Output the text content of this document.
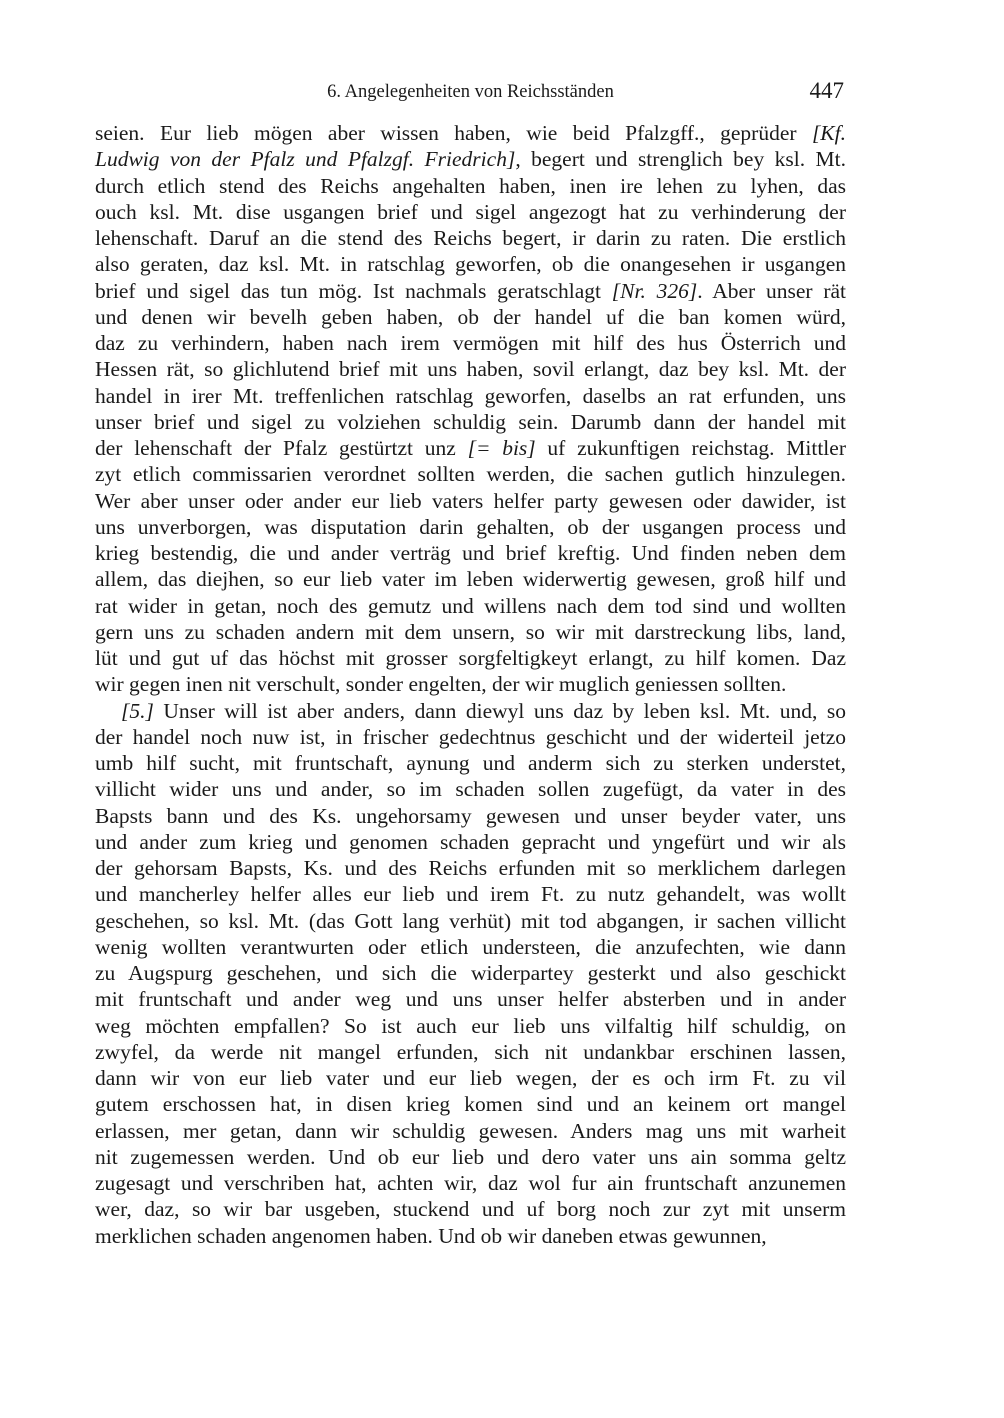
6. Angelegenheiten von Reichsständen	447
seien. Eur lieb mögen aber wissen haben, wie beid Pfalzgff., geprüder [Kf.
Ludwig von der Pfalz und Pfalzgf. Friedrich], begert und strenglich bey ksl. Mt.
durch etlich stend des Reichs angehalten haben, inen ire lehen zu lyhen, das
ouch ksl. Mt. dise usgangen brief und sigel angezogt hat zu verhinderung der
lehenschaft. Daruf an die stend des Reichs begert, ir darin zu raten. Die erstlich
also geraten, daz ksl. Mt. in ratschlag geworfen, ob die onangesehen ir usgangen
brief und sigel das tun mög. Ist nachmals geratschlagt [Nr. 326]. Aber unser rät
und denen wir bevelh geben haben, ob der handel uf die ban komen würd,
daz zu verhindern, haben nach irem vermögen mit hilf des hus Österrich und
Hessen rät, so glichlutend brief mit uns haben, sovil erlangt, daz bey ksl. Mt. der
handel in irer Mt. treffenlichen ratschlag geworfen, daselbs an rat erfunden, uns
unser brief und sigel zu volziehen schuldig sein. Darumb dann der handel mit
der lehenschaft der Pfalz gestürtzt unz [= bis] uf zukunftigen reichstag. Mittler
zyt etlich commissarien verordnet sollten werden, die sachen gutlich hinzulegen.
Wer aber unser oder ander eur lieb vaters helfer party gewesen oder dawider, ist
uns unverborgen, was disputation darin gehalten, ob der usgangen process und
krieg bestendig, die und ander verträg und brief kreftig. Und finden neben dem
allem, das diejhen, so eur lieb vater im leben widerwertig gewesen, groß hilf und
rat wider in getan, noch des gemutz und willens nach dem tod sind und wollten
gern uns zu schaden andern mit dem unsern, so wir mit darstreckung libs, land,
lüt und gut uf das höchst mit grosser sorgfeltigkeyt erlangt, zu hilf komen. Daz
wir gegen inen nit verschult, sonder engelten, der wir muglich geniessen sollten.
[5.] Unser will ist aber anders, dann diewyl uns daz by leben ksl. Mt. und, so
der handel noch nuw ist, in frischer gedechtnus geschicht und der widerteil jetzo
umb hilf sucht, mit fruntschaft, aynung und anderm sich zu sterken understet,
villicht wider uns und ander, so im schaden sollen zugefügt, da vater in des
Bapsts bann und des Ks. ungehorsamy gewesen und unser beyder vater, uns
und ander zum krieg und genomen schaden gepracht und yngefürt und wir als
der gehorsam Bapsts, Ks. und des Reichs erfunden mit so merklichem darlegen
und mancherley helfer alles eur lieb und irem Ft. zu nutz gehandelt, was wollt
geschehen, so ksl. Mt. (das Gott lang verhüt) mit tod abgangen, ir sachen villicht
wenig wollten verantwurten oder etlich understeen, die anzufechten, wie dann
zu Augspurg geschehen, und sich die widerpartey gesterkt und also geschickt
mit fruntschaft und ander weg und uns unser helfer absterben und in ander
weg möchten empfallen? So ist auch eur lieb uns vilfaltig hilf schuldig, on
zwyfel, da werde nit mangel erfunden, sich nit undankbar erschinen lassen,
dann wir von eur lieb vater und eur lieb wegen, der es och irm Ft. zu vil
gutem erschossen hat, in disen krieg komen sind und an keinem ort mangel
erlassen, mer getan, dann wir schuldig gewesen. Anders mag uns mit warheit
nit zugemessen werden. Und ob eur lieb und dero vater uns ain somma geltz
zugesagt und verschriben hat, achten wir, daz wol fur ain fruntschaft anzunemen
wer, daz, so wir bar usgeben, stuckend und uf borg noch zur zyt mit unserm
merklichen schaden angenomen haben. Und ob wir daneben etwas gewunnen,
